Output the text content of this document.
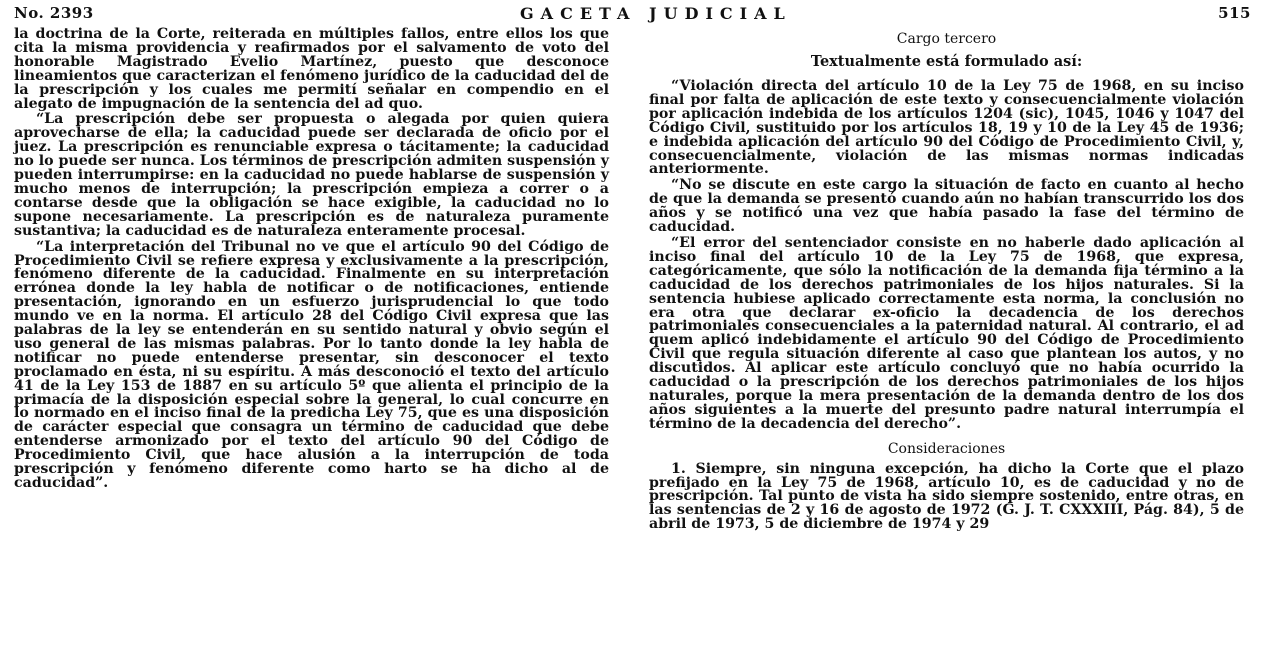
No. 2393	GACETA JUDICIAL	515

la doctrina de la Corte, reiterada en múltiples fallos, entre ellos los que cita la misma providencia y reafirmados por el salvamento de voto del honorable Magistrado Evelio Martínez, puesto que desconoce lineamientos que caracterizan el fenómeno jurídico de la caducidad del de la prescripción y los cuales me permití señalar en compendio en el alegato de impugnación de la sentencia del ad quo.

“La prescripción debe ser propuesta o alegada por quien quiera aprovecharse de ella; la caducidad puede ser declarada de oficio por el juez. La prescripción es renunciable expresa o tácitamente; la caducidad no lo puede ser nunca. Los términos de prescripción admiten suspensión y pueden interrumpirse: en la caducidad no puede hablarse de suspensión y mucho menos de interrupción; la prescripción empieza a correr o a contarse desde que la obligación se hace exigible, la caducidad no lo supone necesariamente. La prescripción es de naturaleza puramente sustantiva; la caducidad es de naturaleza enteramente procesal.

“La interpretación del Tribunal no ve que el artículo 90 del Código de Procedimiento Civil se refiere expresa y exclusivamente a la prescripción, fenómeno diferente de la caducidad. Finalmente en su interpretación errónea donde la ley habla de notificar o de notificaciones, entiende presentación, ignorando en un esfuerzo jurisprudencial lo que todo mundo ve en la norma. El artículo 28 del Código Civil expresa que las palabras de la ley se entenderán en su sentido natural y obvio según el uso general de las mismas palabras. Por lo tanto donde la ley habla de notificar no puede entenderse presentar, sin desconocer el texto proclamado en ésta, ni su espíritu. A más desconoció el texto del artículo 41 de la Ley 153 de 1887 en su artículo 5º que alienta el principio de la primacía de la disposición especial sobre la general, lo cual concurre en lo normado en el inciso final de la predicha Ley 75, que es una disposición de carácter especial que consagra un término de caducidad que debe entenderse armonizado por el texto del artículo 90 del Código de Procedimiento Civil, que hace alusión a la interrupción de toda prescripción y fenómeno diferente como harto se ha dicho al de caducidad”.

Cargo tercero
Textualmente está formulado así:

“Violación directa del artículo 10 de la Ley 75 de 1968, en su inciso final por falta de aplicación de este texto y consecuencialmente violación por aplicación indebida de los artículos 1204 (sic), 1045, 1046 y 1047 del Código Civil, sustituido por los artículos 18, 19 y 10 de la Ley 45 de 1936; e indebida aplicación del artículo 90 del Código de Procedimiento Civil, y, consecuencialmente, violación de las mismas normas indicadas anteriormente.

“No se discute en este cargo la situación de facto en cuanto al hecho de que la demanda se presentó cuando aún no habían transcurrido los dos años y se notificó una vez que había pasado la fase del término de caducidad.

“El error del sentenciador consiste en no haberle dado aplicación al inciso final del artículo 10 de la Ley 75 de 1968, que expresa, categóricamente, que sólo la notificación de la demanda fija término a la caducidad de los derechos patrimoniales de los hijos naturales. Si la sentencia hubiese aplicado correctamente esta norma, la conclusión no era otra que declarar ex-oficio la decadencia de los derechos patrimoniales consecuenciales a la paternidad natural. Al contrario, el ad quem aplicó indebidamente el artículo 90 del Código de Procedimiento Civil que regula situación diferente al caso que plantean los autos, y no discutidos. Al aplicar este artículo concluyó que no había ocurrido la caducidad o la prescripción de los derechos patrimoniales de los hijos naturales, porque la mera presentación de la demanda dentro de los dos años siguientes a la muerte del presunto padre natural interrumpía el término de la decadencia del derecho”.

Consideraciones

1. Siempre, sin ninguna excepción, ha dicho la Corte que el plazo prefijado en la Ley 75 de 1968, artículo 10, es de caducidad y no de prescripción. Tal punto de vista ha sido siempre sostenido, entre otras, en las sentencias de 2 y 16 de agosto de 1972 (G. J. T. CXXXIII, Pág. 84), 5 de abril de 1973, 5 de diciembre de 1974 y 29
